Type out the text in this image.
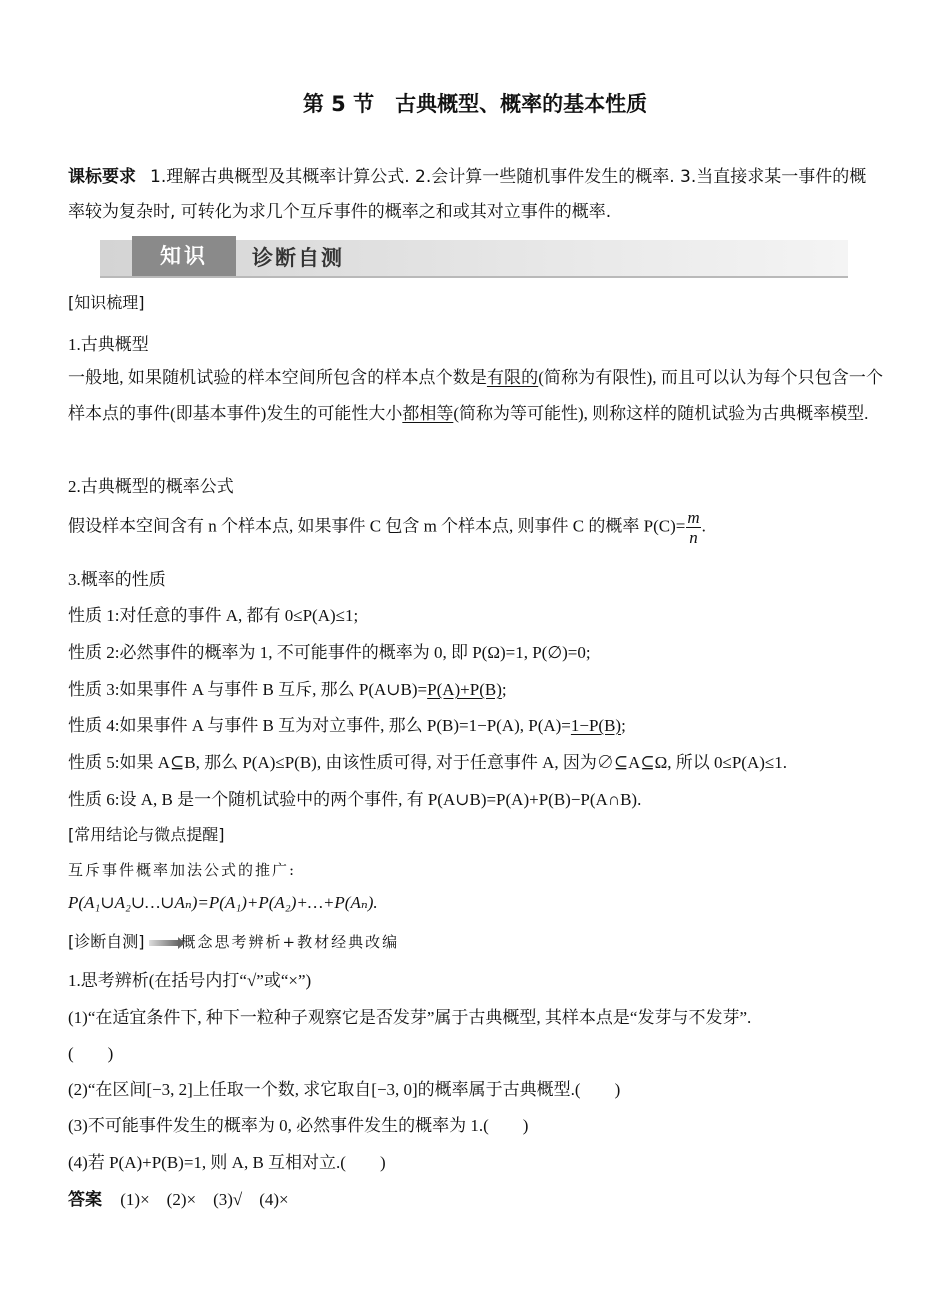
第 5 节　古典概型、概率的基本性质
课标要求 1.理解古典概型及其概率计算公式. 2.会计算一些随机事件发生的概率. 3.当直接求某一事件的概率较为复杂时, 可转化为求几个互斥事件的概率之和或其对立事件的概率.
知识	诊断自测
[知识梳理]
1.古典概型
一般地, 如果随机试验的样本空间所包含的样本点个数是有限的(简称为有限性), 而且可以认为每个只包含一个样本点的事件(即基本事件)发生的可能性大小都相等(简称为等可能性), 则称这样的随机试验为古典概率模型.
2.古典概型的概率公式
假设样本空间含有 n 个样本点, 如果事件 C 包含 m 个样本点, 则事件 C 的概率 $P(C)= \frac{m}{n}$ .
3.概率的性质
性质 1:对任意的事件 A, 都有 0≤P(A)≤1;
性质 2:必然事件的概率为 1, 不可能事件的概率为 0, 即 P(Ω)=1, P(∅)=0;
性质 3:如果事件 A 与事件 B 互斥, 那么 P(A∪B)=P(A)+P(B);
性质 4:如果事件 A 与事件 B 互为对立事件, 那么 P(B)=1−P(A), P(A)=1−P(B);
性质 5:如果 A⊆B, 那么 P(A)≤P(B), 由该性质可得, 对于任意事件 A, 因为∅⊆A⊆Ω, 所以 0≤P(A)≤1.
性质 6:设 A, B 是一个随机试验中的两个事件, 有 P(A∪B)=P(A)+P(B)−P(A∩B).
[常用结论与微点提醒]
互斥事件概率加法公式的推广:
P(A₁∪A₂∪…∪Aₙ)=P(A₁)+P(A₂)+…+P(Aₙ).
[诊断自测] 概念思考辨析+教材经典改编
1.思考辨析(在括号内打“√”或“×”)
(1)“在适宜条件下, 种下一粒种子观察它是否发芽”属于古典概型, 其样本点是“发芽与不发芽”.
(　　)
(2)“在区间[−3, 2]上任取一个数, 求它取自[−3, 0]的概率属于古典概型.(　　)
(3)不可能事件发生的概率为 0, 必然事件发生的概率为 1.(　　)
(4)若 P(A)+P(B)=1, 则 A, B 互相对立.(　　)
答案 (1)×　(2)×　(3)√　(4)×
